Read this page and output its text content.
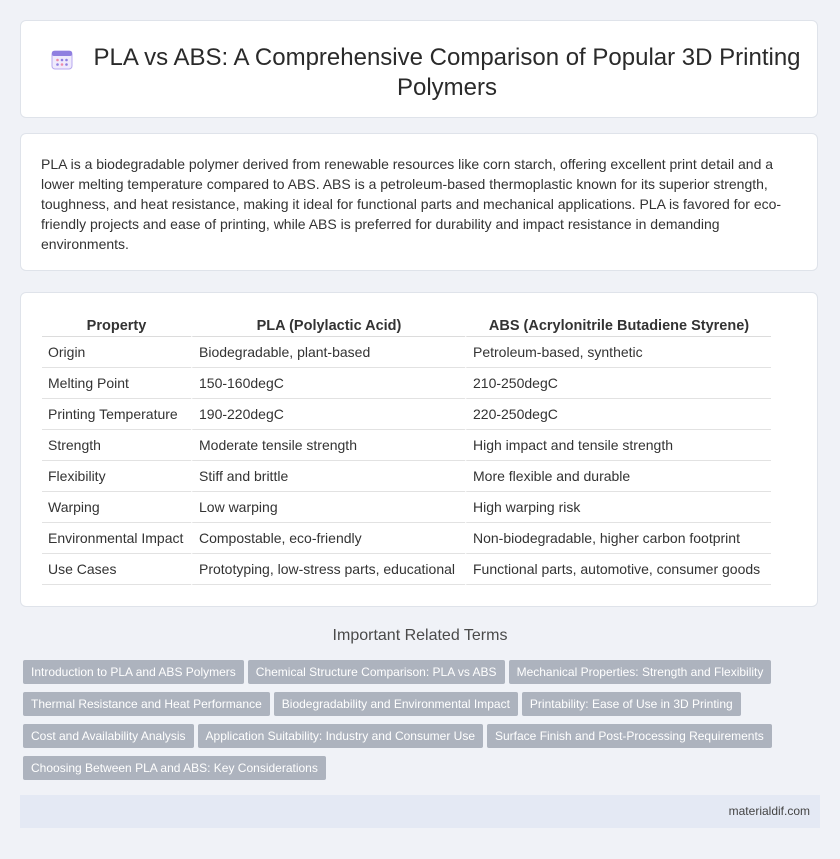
PLA vs ABS: A Comprehensive Comparison of Popular 3D Printing Polymers

PLA is a biodegradable polymer derived from renewable resources like corn starch, offering excellent print detail and a lower melting temperature compared to ABS. ABS is a petroleum-based thermoplastic known for its superior strength, toughness, and heat resistance, making it ideal for functional parts and mechanical applications. PLA is favored for eco-friendly projects and ease of printing, while ABS is preferred for durability and impact resistance in demanding environments.

Property	PLA (Polylactic Acid)	ABS (Acrylonitrile Butadiene Styrene)
Origin	Biodegradable, plant-based	Petroleum-based, synthetic
Melting Point	150-160degC	210-250degC
Printing Temperature	190-220degC	220-250degC
Strength	Moderate tensile strength	High impact and tensile strength
Flexibility	Stiff and brittle	More flexible and durable
Warping	Low warping	High warping risk
Environmental Impact	Compostable, eco-friendly	Non-biodegradable, higher carbon footprint
Use Cases	Prototyping, low-stress parts, educational	Functional parts, automotive, consumer goods
Important Related Terms
Introduction to PLA and ABS Polymers Chemical Structure Comparison: PLA vs ABS Mechanical Properties: Strength and FlexibilityThermal Resistance and Heat Performance Biodegradability and Environmental Impact Printability: Ease of Use in 3D PrintingCost and Availability Analysis Application Suitability: Industry and Consumer Use Surface Finish and Post-Processing RequirementsChoosing Between PLA and ABS: Key Considerations
materialdif.com
